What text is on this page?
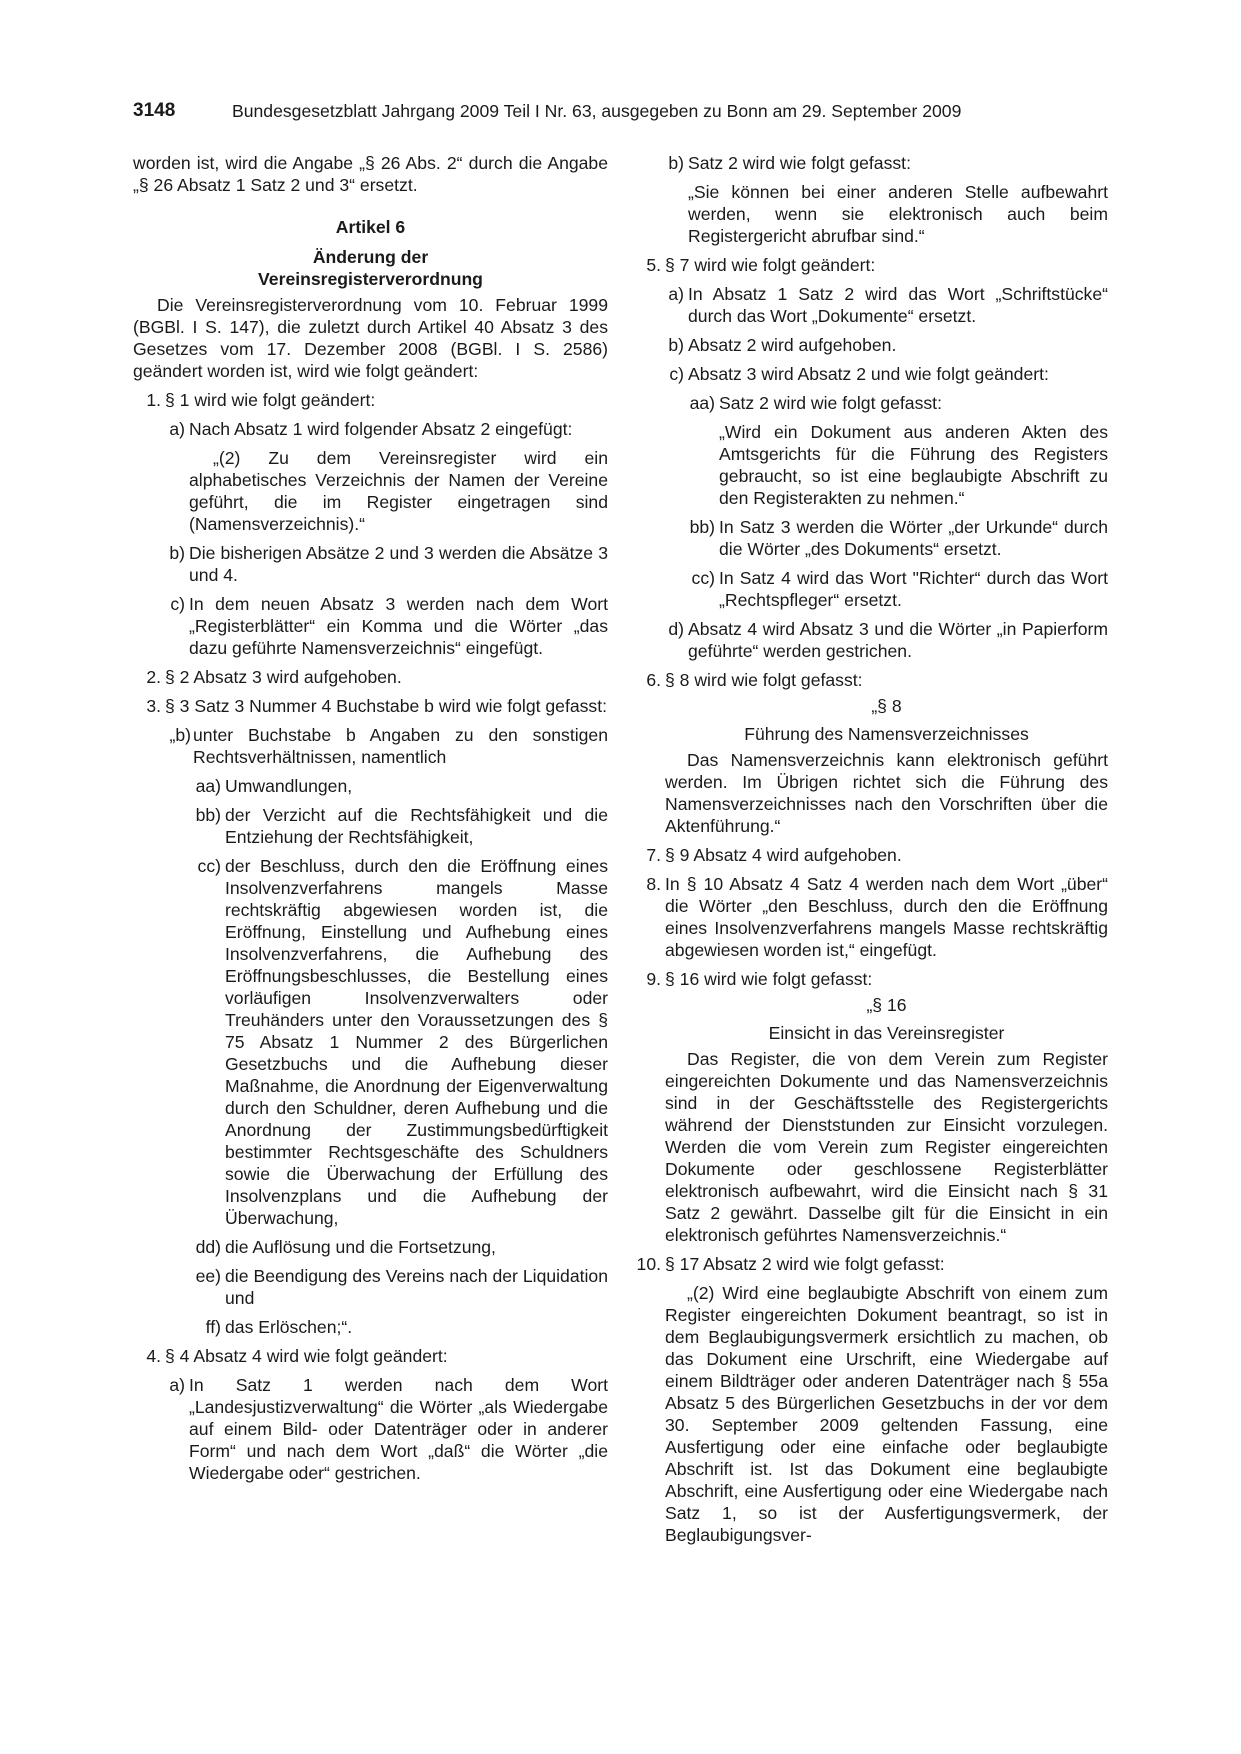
3148	Bundesgesetzblatt Jahrgang 2009 Teil I Nr. 63, ausgegeben zu Bonn am 29. September 2009

worden ist, wird die Angabe „§ 26 Abs. 2“ durch die Angabe „§ 26 Absatz 1 Satz 2 und 3“ ersetzt.

Artikel 6

Änderung der

Vereinsregisterverordnung

Die Vereinsregisterverordnung vom 10. Februar 1999 (BGBl. I S. 147), die zuletzt durch Artikel 40 Absatz 3 des Gesetzes vom 17. Dezember 2008 (BGBl. I S. 2586) geändert worden ist, wird wie folgt geändert:

1. § 1 wird wie folgt geändert:
a) Nach Absatz 1 wird folgender Absatz 2 eingefügt:
„(2) Zu dem Vereinsregister wird ein alphabetisches Verzeichnis der Namen der Vereine geführt, die im Register eingetragen sind (Namensverzeichnis).“
b) Die bisherigen Absätze 2 und 3 werden die Absätze 3 und 4.
c) In dem neuen Absatz 3 werden nach dem Wort „Registerblätter“ ein Komma und die Wörter „das dazu geführte Namensverzeichnis“ eingefügt.
2. § 2 Absatz 3 wird aufgehoben.
3. § 3 Satz 3 Nummer 4 Buchstabe b wird wie folgt gefasst:
„b) unter Buchstabe b Angaben zu den sonstigen Rechtsverhältnissen, namentlich
aa) Umwandlungen,
bb) der Verzicht auf die Rechtsfähigkeit und die Entziehung der Rechtsfähigkeit,
cc) der Beschluss, durch den die Eröffnung eines Insolvenzverfahrens mangels Masse rechtskräftig abgewiesen worden ist, die Eröffnung, Einstellung und Aufhebung eines Insolvenzverfahrens, die Aufhebung des Eröffnungsbeschlusses, die Bestellung eines vorläufigen Insolvenzverwalters oder Treuhänders unter den Voraussetzungen des § 75 Absatz 1 Nummer 2 des Bürgerlichen Gesetzbuchs und die Aufhebung dieser Maßnahme, die Anordnung der Eigenverwaltung durch den Schuldner, deren Aufhebung und die Anordnung der Zustimmungsbedürftigkeit bestimmter Rechtsgeschäfte des Schuldners sowie die Überwachung der Erfüllung des Insolvenzplans und die Aufhebung der Überwachung,
dd) die Auflösung und die Fortsetzung,
ee) die Beendigung des Vereins nach der Liquidation und
ff) das Erlöschen;“.
4. § 4 Absatz 4 wird wie folgt geändert:
a) In Satz 1 werden nach dem Wort „Landesjustizverwaltung“ die Wörter „als Wiedergabe auf einem Bild- oder Datenträger oder in anderer Form“ und nach dem Wort „daß“ die Wörter „die Wiedergabe oder“ gestrichen.
b) Satz 2 wird wie folgt gefasst:
„Sie können bei einer anderen Stelle aufbewahrt werden, wenn sie elektronisch auch beim Registergericht abrufbar sind.“
5. § 7 wird wie folgt geändert:
a) In Absatz 1 Satz 2 wird das Wort „Schriftstücke“ durch das Wort „Dokumente“ ersetzt.
b) Absatz 2 wird aufgehoben.
c) Absatz 3 wird Absatz 2 und wie folgt geändert:
aa) Satz 2 wird wie folgt gefasst:
„Wird ein Dokument aus anderen Akten des Amtsgerichts für die Führung des Registers gebraucht, so ist eine beglaubigte Abschrift zu den Registerakten zu nehmen.“
bb) In Satz 3 werden die Wörter „der Urkunde“ durch die Wörter „des Dokuments“ ersetzt.
cc) In Satz 4 wird das Wort "Richter“ durch das Wort „Rechtspfleger“ ersetzt.
d) Absatz 4 wird Absatz 3 und die Wörter „in Papierform geführte“ werden gestrichen.
6. § 8 wird wie folgt gefasst:

„§ 8

Führung des Namensverzeichnisses

Das Namensverzeichnis kann elektronisch geführt werden. Im Übrigen richtet sich die Führung des Namensverzeichnisses nach den Vorschriften über die Aktenführung.“

7. § 9 Absatz 4 wird aufgehoben.
8. In § 10 Absatz 4 Satz 4 werden nach dem Wort „über“ die Wörter „den Beschluss, durch den die Eröffnung eines Insolvenzverfahrens mangels Masse rechtskräftig abgewiesen worden ist,“ eingefügt.
9. § 16 wird wie folgt gefasst:

„§ 16

Einsicht in das Vereinsregister

Das Register, die von dem Verein zum Register eingereichten Dokumente und das Namensverzeichnis sind in der Geschäftsstelle des Registergerichts während der Dienststunden zur Einsicht vorzulegen. Werden die vom Verein zum Register eingereichten Dokumente oder geschlossene Registerblätter elektronisch aufbewahrt, wird die Einsicht nach § 31 Satz 2 gewährt. Dasselbe gilt für die Einsicht in ein elektronisch geführtes Namensverzeichnis.“

10. § 17 Absatz 2 wird wie folgt gefasst:

„(2) Wird eine beglaubigte Abschrift von einem zum Register eingereichten Dokument beantragt, so ist in dem Beglaubigungsvermerk ersichtlich zu machen, ob das Dokument eine Urschrift, eine Wiedergabe auf einem Bildträger oder anderen Datenträger nach § 55a Absatz 5 des Bürgerlichen Gesetzbuchs in der vor dem 30. September 2009 geltenden Fassung, eine Ausfertigung oder eine einfache oder beglaubigte Abschrift ist. Ist das Dokument eine beglaubigte Abschrift, eine Ausfertigung oder eine Wiedergabe nach Satz 1, so ist der Ausfertigungsvermerk, der Beglaubigungsver-
